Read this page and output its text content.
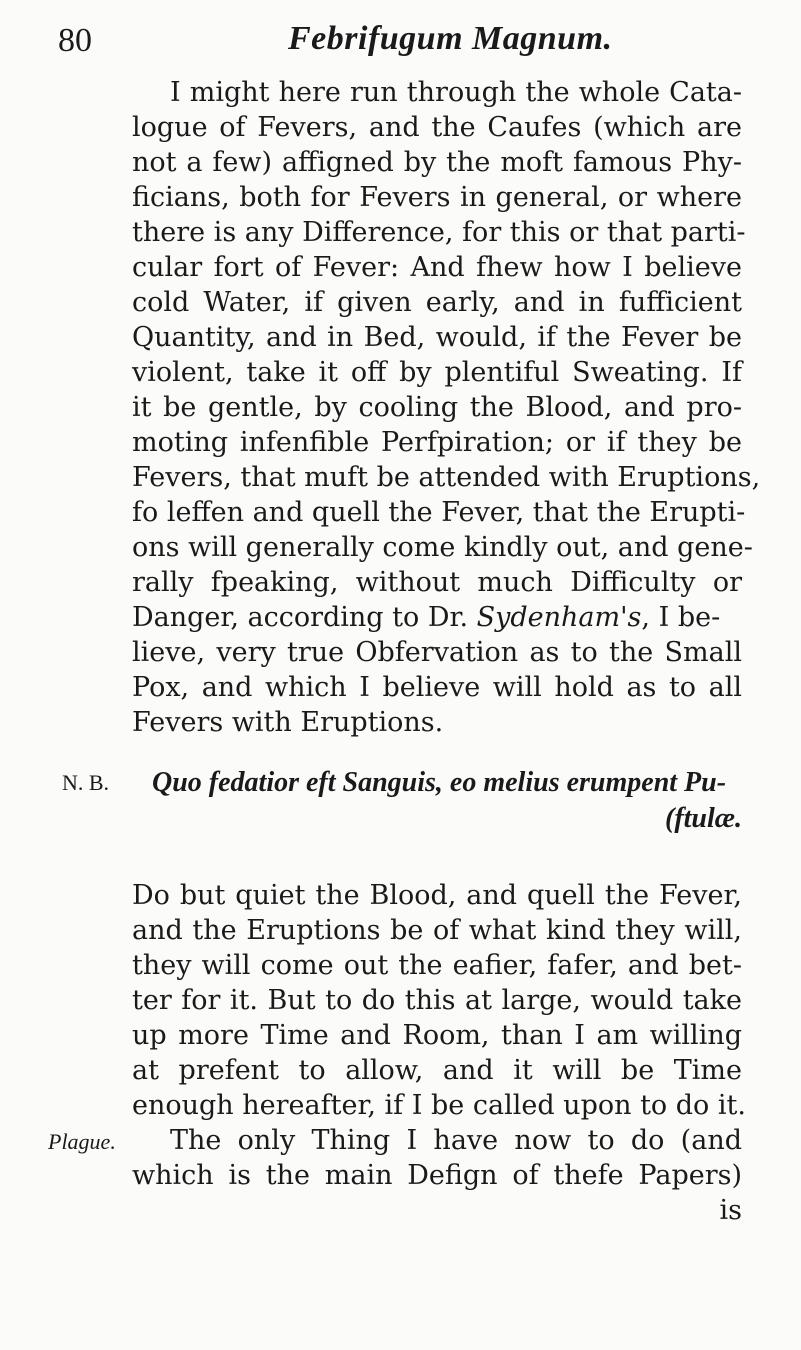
80	Febrifugum Magnum.
I might here run through the whole Cata-
logue of Fevers, and the Caufes (which are
not a few) affigned by the moft famous Phy-
ficians, both for Fevers in general, or where
there is any Difference, for this or that parti-
cular fort of Fever: And fhew how I believe
cold Water, if given early, and in fufficient
Quantity, and in Bed, would, if the Fever be
violent, take it off by plentiful Sweating. If
it be gentle, by cooling the Blood, and pro-
moting infenfible Perfpiration; or if they be
Fevers, that muft be attended with Eruptions,
fo leffen and quell the Fever, that the Erupti-
ons will generally come kindly out, and gene-
rally fpeaking, without much Difficulty or
Danger, according to Dr. Sydenham's, I be-
lieve, very true Obfervation as to the Small
Pox, and which I believe will hold as to all
Fevers with Eruptions.
N. B. Quo fedatior eft Sanguis, eo melius erumpent Pu-
(ftulæ.
Do but quiet the Blood, and quell the Fever,
and the Eruptions be of what kind they will,
they will come out the eafier, fafer, and bet-
ter for it. But to do this at large, would take
up more Time and Room, than I am willing
at prefent to allow, and it will be Time
enough hereafter, if I be called upon to do it.
Plague. The only Thing I have now to do (and
which is the main Defign of thefe Papers)
is
